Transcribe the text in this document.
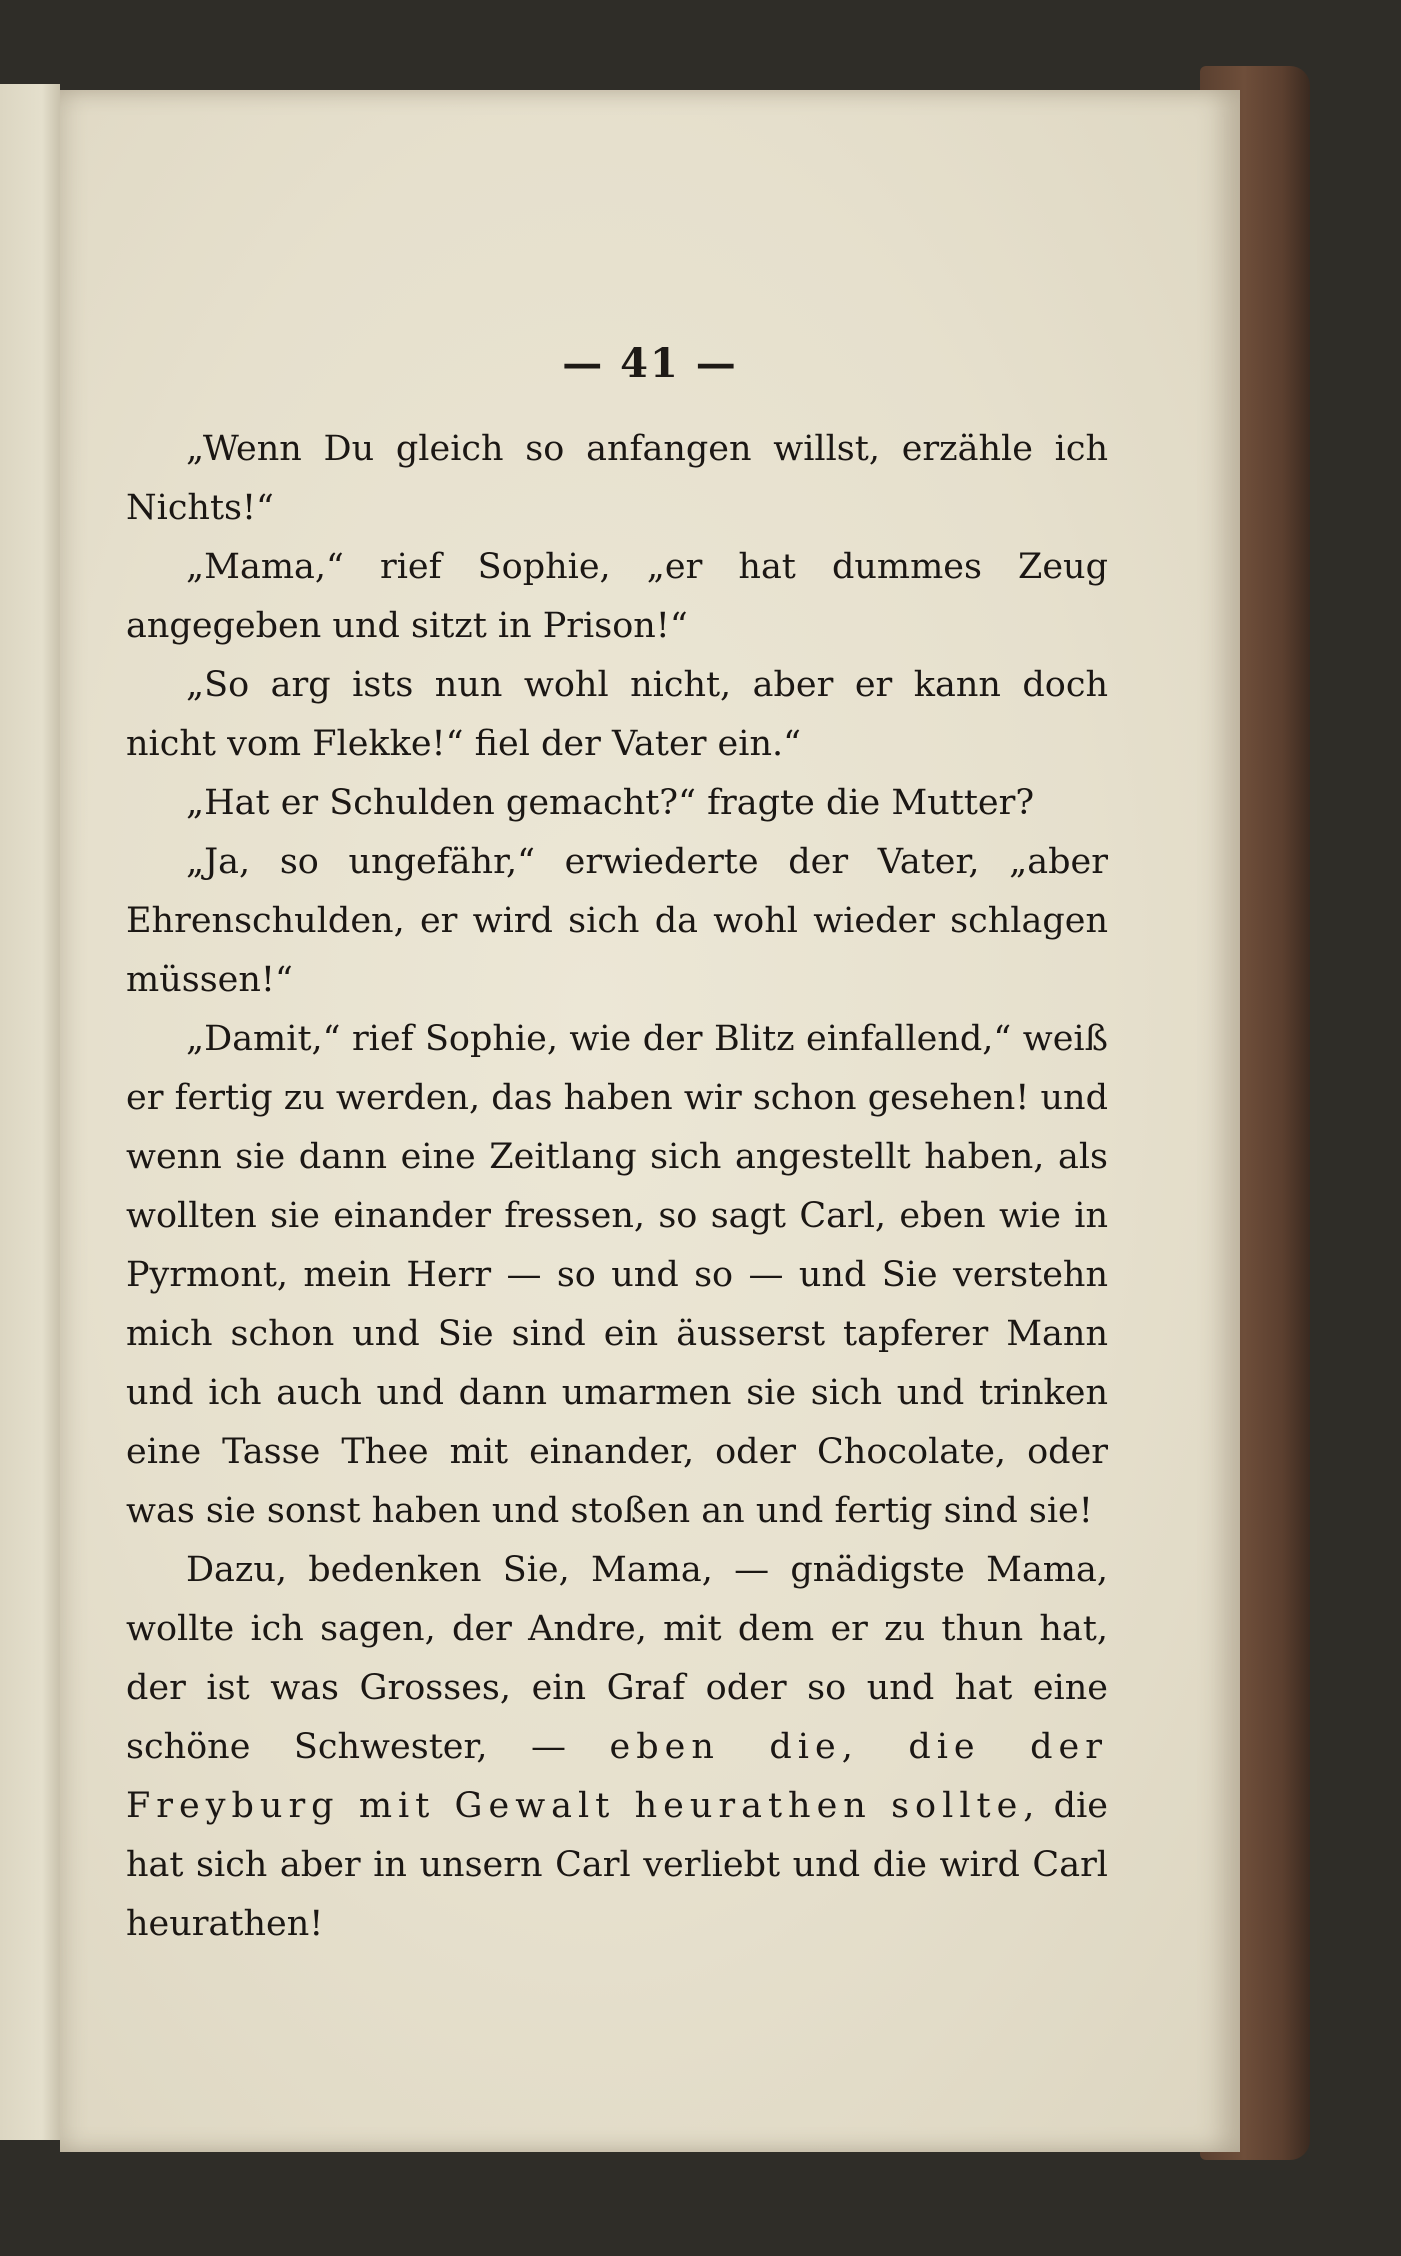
— 41 —

„Wenn Du gleich so anfangen willst, erzähle ich Nichts!“

„Mama,“ rief Sophie, „er hat dummes Zeug angegeben und sitzt in Prison!“

„So arg ists nun wohl nicht, aber er kann doch nicht vom Flekke!“ fiel der Vater ein.“

„Hat er Schulden gemacht?“ fragte die Mutter?

„Ja, so ungefähr,“ erwiederte der Vater, „aber Ehrenschulden, er wird sich da wohl wieder schlagen müssen!“

„Damit,“ rief Sophie, wie der Blitz einfallend,“ weiß er fertig zu werden, das haben wir schon gesehen! und wenn sie dann eine Zeitlang sich angestellt haben, als wollten sie einander fressen, so sagt Carl, eben wie in Pyrmont, mein Herr — so und so — und Sie verstehn mich schon und Sie sind ein äusserst tapferer Mann und ich auch und dann umarmen sie sich und trinken eine Tasse Thee mit einander, oder Chocolate, oder was sie sonst haben und stoßen an und fertig sind sie!

Dazu, bedenken Sie, Mama, — gnädigste Mama, wollte ich sagen, der Andre, mit dem er zu thun hat, der ist was Grosses, ein Graf oder so und hat eine schöne Schwester, — eben die, die der Freyburg mit Gewalt heurathen sollte, die hat sich aber in unsern Carl verliebt und die wird Carl heurathen!
